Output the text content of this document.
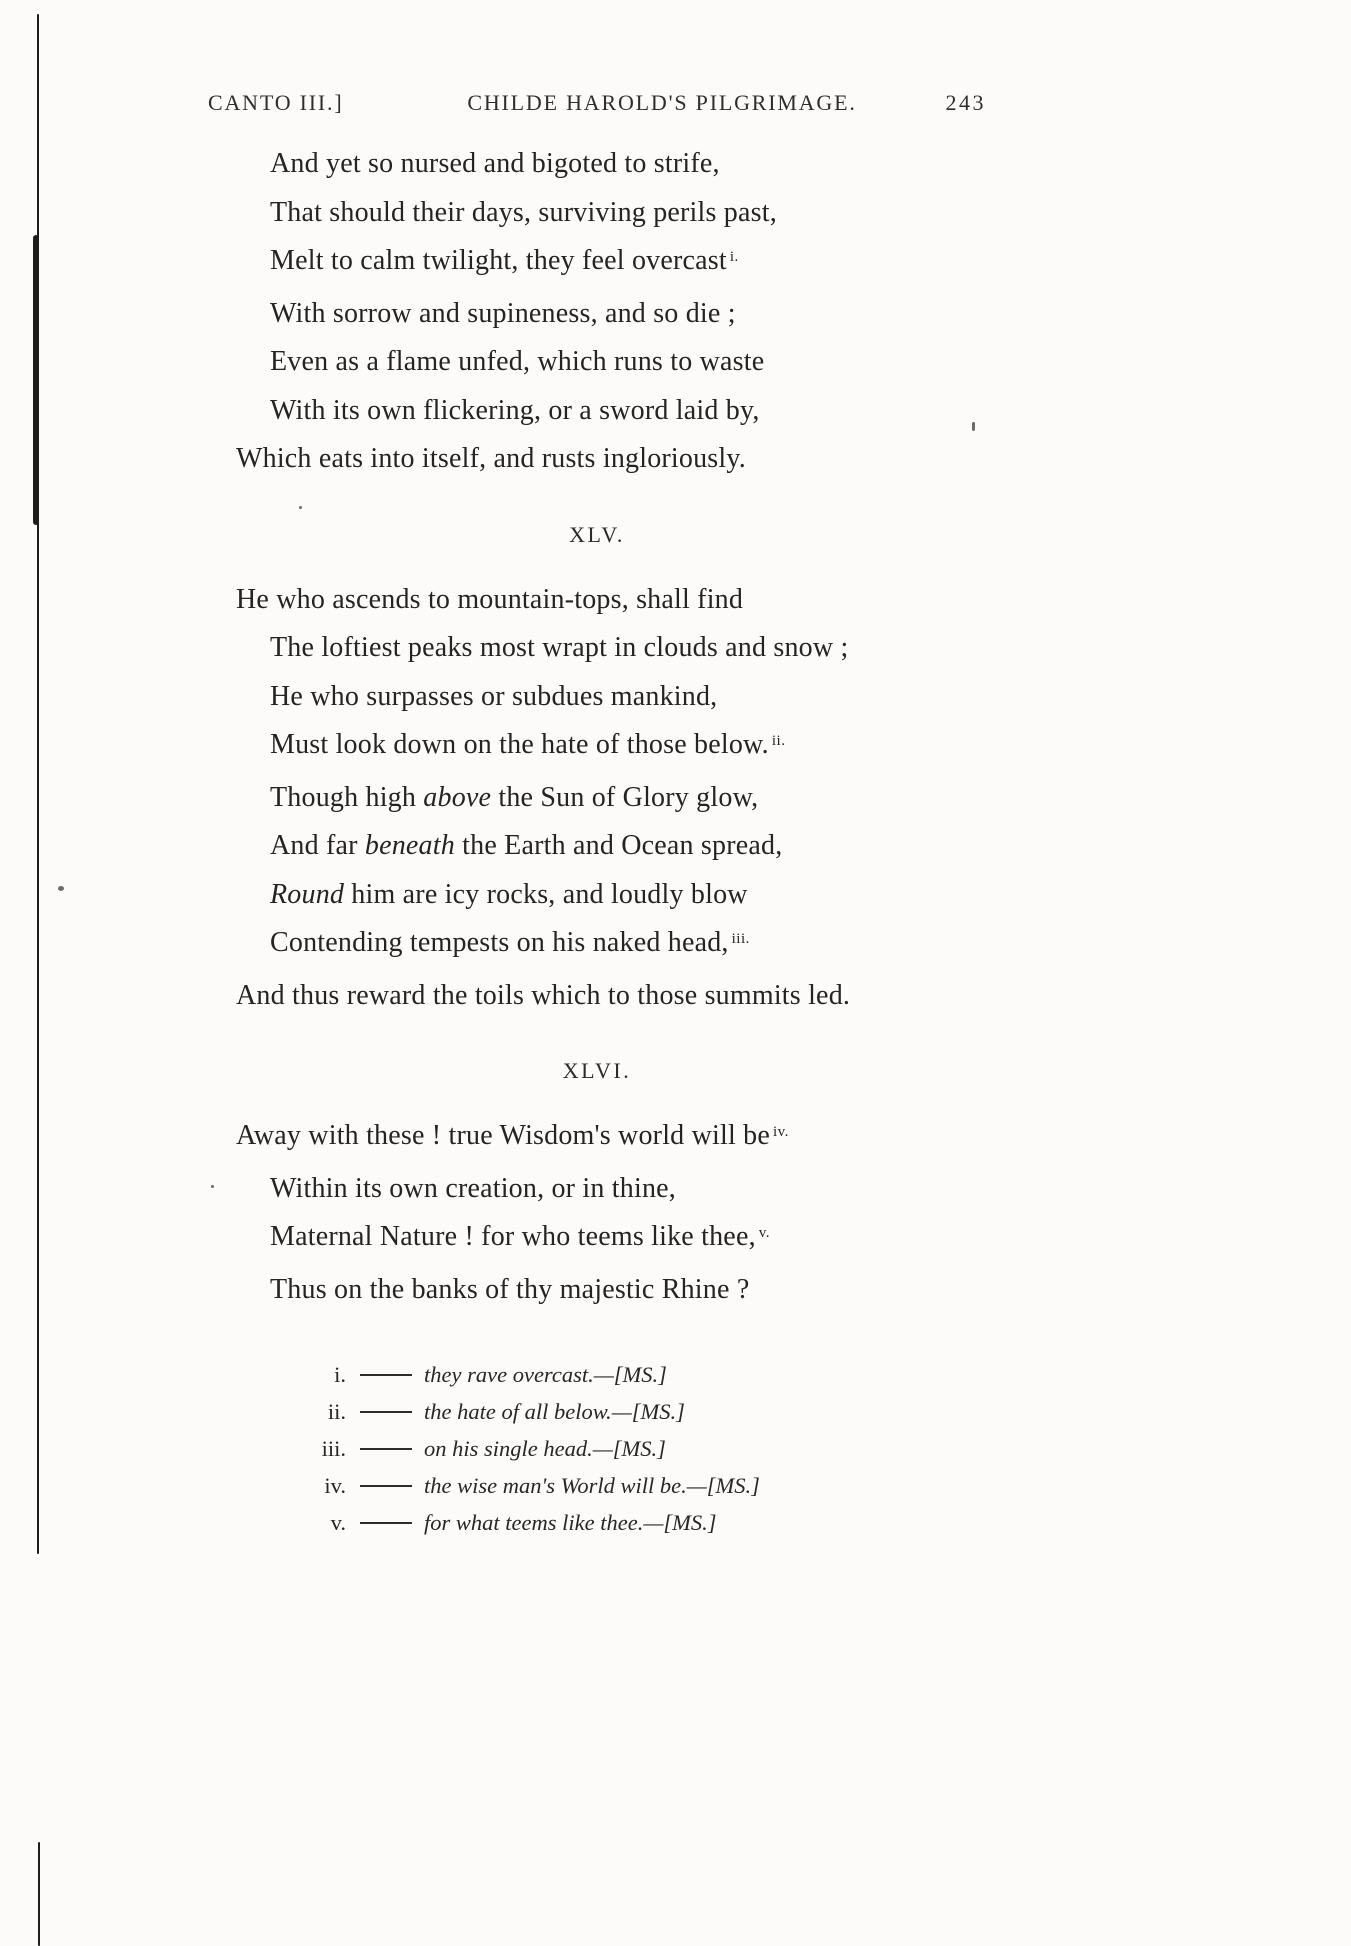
CANTO III.]	CHILDE HAROLD'S PILGRIMAGE.	243
And yet so nursed and bigoted to strife,
That should their days, surviving perils past,
Melt to calm twilight, they feel overcast $^{i.}$
With sorrow and supineness, and so die ;
Even as a flame unfed, which runs to waste
With its own flickering, or a sword laid by,
Which eats into itself, and rusts ingloriously.
XLV.
He who ascends to mountain-tops, shall find
The loftiest peaks most wrapt in clouds and snow ;
He who surpasses or subdues mankind,
Must look down on the hate of those below. $^{ii.}$
Though high above the Sun of Glory glow,
And far beneath the Earth and Ocean spread,
Round him are icy rocks, and loudly blow
Contending tempests on his naked head, $^{iii.}$
And thus reward the toils which to those summits led.
XLVI.
Away with these ! true Wisdom's world will be $^{iv.}$
Within its own creation, or in thine,
Maternal Nature ! for who teems like thee, $^{v.}$
Thus on the banks of thy majestic Rhine ?
i.	they rave overcast.—[MS.]
ii.	the hate of all below.—[MS.]
iii.	on his single head.—[MS.]
iv.	the wise man's World will be.—[MS.]
v.	for what teems like thee.—[MS.]
